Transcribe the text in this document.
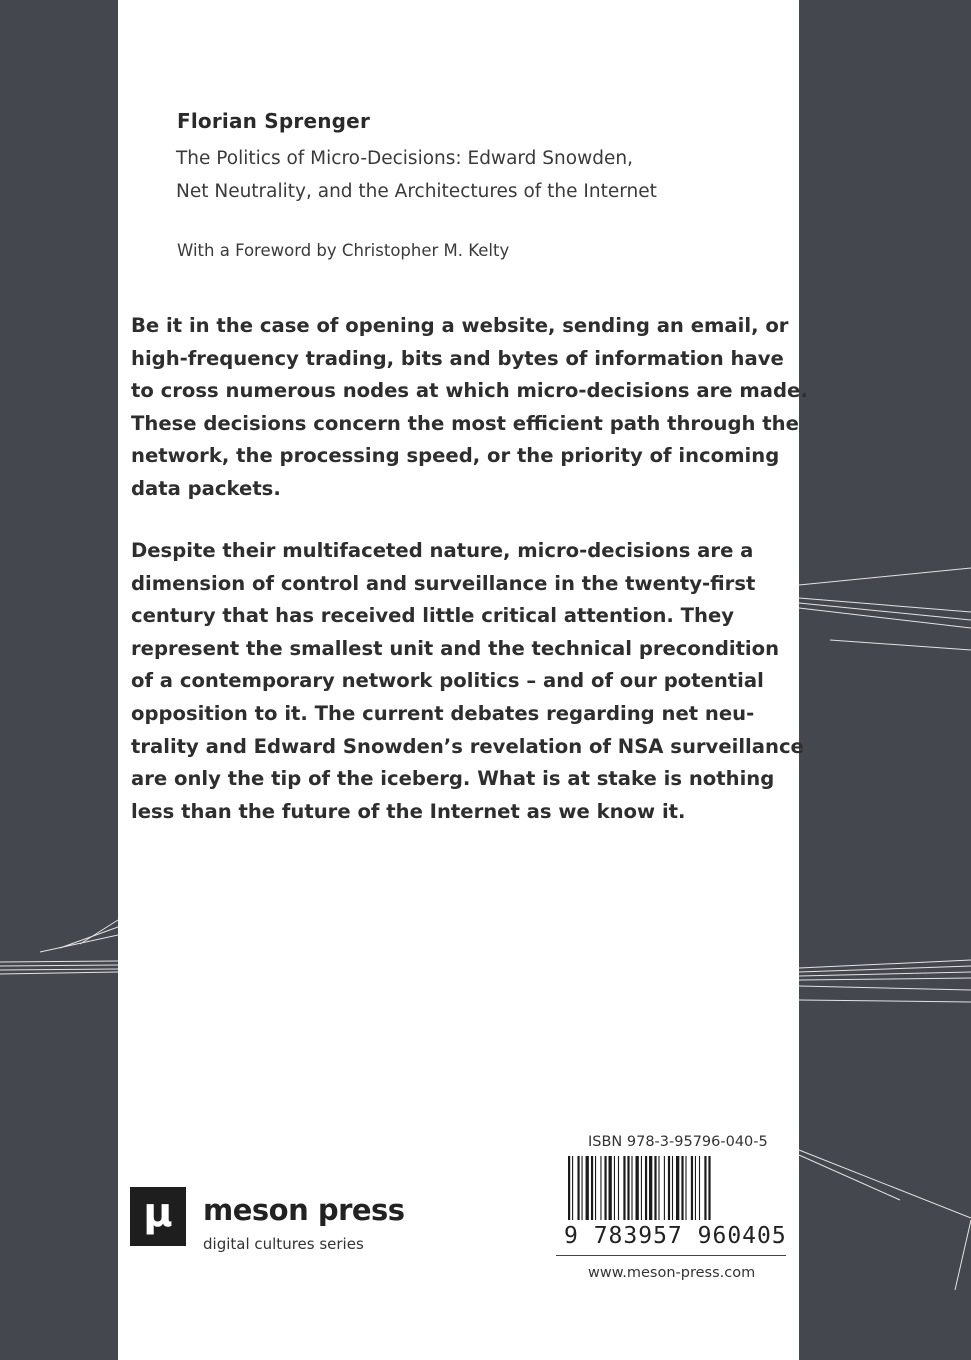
Florian Sprenger

The Politics of Micro-Decisions: Edward Snowden,
Net Neutrality, and the Architectures of the Internet

With a Foreword by Christopher M. Kelty

Be it in the case of opening a website, sending an email, or
high-frequency trading, bits and bytes of information have
to cross numerous nodes at which micro-decisions are made.
These decisions concern the most efficient path through the
network, the processing speed, or the priority of incoming
data packets.

Despite their multifaceted nature, micro-decisions are a
dimension of control and surveillance in the twenty-first
century that has received little critical attention. They
represent the smallest unit and the technical precondition
of a contemporary network politics – and of our potential
opposition to it. The current debates regarding net neu-
trality and Edward Snowden’s revelation of NSA surveillance
are only the tip of the iceberg. What is at stake is nothing
less than the future of the Internet as we know it.

µ	meson press
digital cultures series
ISBN 978-3-95796-040-5
9 783957 960405
www.meson-press.com
